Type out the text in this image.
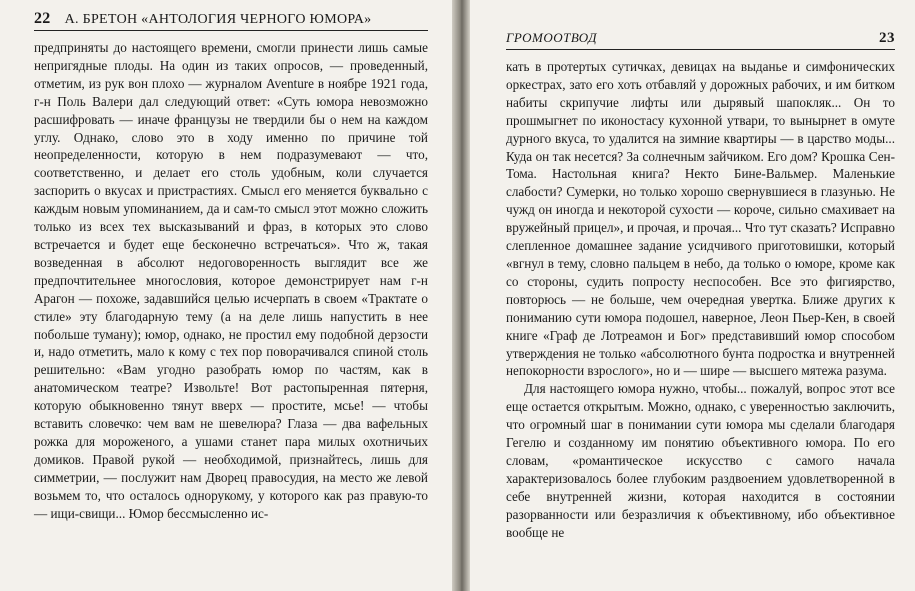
22 А. БРЕТОН «АНТОЛОГИЯ ЧЕРНОГО ЮМОРА»

предприняты до настоящего времени, смогли принести лишь самые непригядные плоды. На один из таких опросов, — проведенный, отметим, из рук вон плохо — журналом Aventure в ноябре 1921 года, г-н Поль Валери дал следующий ответ: «Суть юмора невозможно расшифровать — иначе французы не твердили бы о нем на каждом углу. Однако, слово это в ходу именно по причине той неопределенности, которую в нем подразумевают — что, соответственно, и делает его столь удобным, коли случается заспорить о вкусах и пристрастиях. Смысл его меняется буквально с каждым новым упоминанием, да и сам-то смысл этот можно сложить только из всех тех высказываний и фраз, в которых это слово встречается и будет еще бесконечно встречаться». Что ж, такая возведенная в абсолют недоговоренность выглядит все же предпочтительнее многословия, которое демонстрирует нам г-н Арагон — похоже, задавшийся целью исчерпать в своем «Трактате о стиле» эту благодарную тему (а на деле лишь напустить в нее побольше туману); юмор, однако, не простил ему подобной дерзости и, надо отметить, мало к кому с тех пор поворачивался спиной столь решительно: «Вам угодно разобрать юмор по частям, как в анатомическом театре? Извольте! Вот растопыренная пятерня, которую обыкновенно тянут вверх — простите, мсье! — чтобы вставить словечко: чем вам не шевелюра? Глаза — два вафельных рожка для мороженого, а ушами станет пара милых охотничьих домиков. Правой рукой — необходимой, признайтесь, лишь для симметрии, — послужит нам Дворец правосудия, на место же левой возьмем то, что осталось однорукому, у которого как раз правую-то — ищи-свищи... Юмор бессмысленно ис-

ГРОМООТВОД	23

кать в протертых сутичках, девицах на выданье и симфонических оркестрах, зато его хоть отбавляй у дорожных рабочих, и им битком набиты скрипучие лифты или дырявый шапокляк... Он то прошмыгнет по иконостасу кухонной утвари, то вынырнет в омуте дурного вкуса, то удалится на зимние квартиры — в царство моды... Куда он так несется? За солнечным зайчиком. Его дом? Крошка Сен-Тома. Настольная книга? Некто Бине-Вальмер. Маленькие слабости? Сумерки, но только хорошо свернувшиеся в глазунью. Не чужд он иногда и некоторой сухости — короче, сильно смахивает на вружейный прицел», и прочая, и прочая... Что тут сказать? Исправно слепленное домашнее задание усидчивого приготовишки, который «вгнул в тему, словно пальцем в небо, да только о юморе, кроме как со стороны, судить попросту неспособен. Все это фигиярство, повторюсь — не больше, чем очередная увертка. Ближе других к пониманию сути юмора подошел, наверное, Леон Пьер-Кен, в своей книге «Граф де Лотреамон и Бог» представивший юмор способом утверждения не только «абсолютного бунта подростка и внутренней непокорности взрослого», но и — шире — высшего мятежа разума.

Для настоящего юмора нужно, чтобы... пожалуй, вопрос этот все еще остается открытым. Можно, однако, с уверенностью заключить, что огромный шаг в понимании сути юмора мы сделали благодаря Гегелю и созданному им понятию объективного юмора. По его словам, «романтическое искусство с самого начала характеризовалось более глубоким раздвоением удовлетворенной в себе внутренней жизни, которая находится в состоянии разорванности или безразличия к объективному, ибо объективное вообще не
